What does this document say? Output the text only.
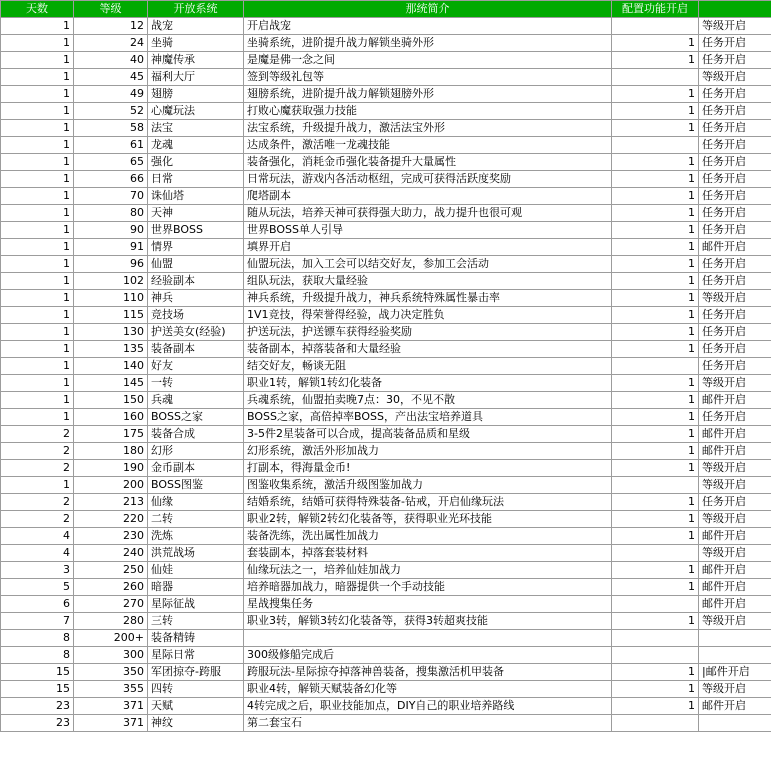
天数	等级	开放系统	那统简介	配置功能开启	
1	12	战宠	开启战宠		等级开启
1	24	坐骑	坐骑系统，进阶提升战力解锁坐骑外形	1	任务开启
1	40	神魔传承	是魔是佛一念之间	1	任务开启
1	45	福利大厅	签到等级礼包等		等级开启
1	49	翅膀	翅膀系统，进阶提升战力解锁翅膀外形	1	任务开启
1	52	心魔玩法	打败心魔获取强力技能	1	任务开启
1	58	法宝	法宝系统，升级提升战力，激活法宝外形	1	任务开启
1	61	龙魂	达成条件，激活唯一龙魂技能		任务开启
1	65	强化	装备强化，消耗金币强化装备提升大量属性	1	任务开启
1	66	日常	日常玩法，游戏内各活动枢纽，完成可获得活跃度奖励	1	任务开启
1	70	诛仙塔	爬塔副本	1	任务开启
1	80	天神	随从玩法，培养天神可获得强大助力，战力提升也很可观	1	任务开启
1	90	世界BOSS	世界BOSS单人引导	1	任务开启
1	91	情界	填界开启	1	邮件开启
1	96	仙盟	仙盟玩法，加入工会可以结交好友，参加工会活动	1	任务开启
1	102	经验副本	组队玩法，获取大量经验	1	任务开启
1	110	神兵	神兵系统，升级提升战力，神兵系统特殊属性暴击率	1	等级开启
1	115	竞技场	1V1竞技，得荣誉得经验，战力决定胜负	1	任务开启
1	130	护送美女(经验)	护送玩法，护送镖车获得经验奖励	1	任务开启
1	135	装备副本	装备副本，掉落装备和大量经验	1	任务开启
1	140	好友	结交好友，畅谈无阻		任务开启
1	145	一转	职业1转，解锁1转幻化装备	1	等级开启
1	150	兵魂	兵魂系统，仙盟拍卖晚7点：30，不见不散	1	邮件开启
1	160	BOSS之家	BOSS之家，高倍掉率BOSS，产出法宝培养道具	1	任务开启
2	175	装备合成	3-5件2星装备可以合成，提高装备品质和星级	1	邮件开启
2	180	幻形	幻形系统，激活外形加战力	1	邮件开启
2	190	金币副本	打副本，得海量金币!	1	等级开启
1	200	BOSS图鉴	图鉴收集系统，激活升级图鉴加战力		等级开启
2	213	仙缘	结婚系统，结婚可获得特殊装备-钻戒，开启仙缘玩法	1	任务开启
2	220	二转	职业2转，解锁2转幻化装备等，获得职业光环技能	1	等级开启
4	230	洗炼	装备洗练，洗出属性加战力	1	邮件开启
4	240	洪荒战场	套装副本，掉落套装材料		等级开启
3	250	仙娃	仙缘玩法之一，培养仙娃加战力	1	邮件开启
5	260	暗器	培养暗器加战力，暗器提供一个手动技能	1	邮件开启
6	270	星际征战	星战搜集任务		邮件开启
7	280	三转	职业3转，解锁3转幻化装备等，获得3转超爽技能	1	等级开启
8	200+	装备精铸			
8	300	星际日常	300级修船完成后		
15	350	军团掠夺-跨服	跨服玩法-星际掠夺掉落神兽装备，搜集激活机甲装备	1	|邮件开启
15	355	四转	职业4转，解锁天赋装备幻化等	1	等级开启
23	371	天赋	4转完成之后，职业技能加点，DIY自己的职业培养路线	1	邮件开启
23	371	神纹	第二套宝石		
